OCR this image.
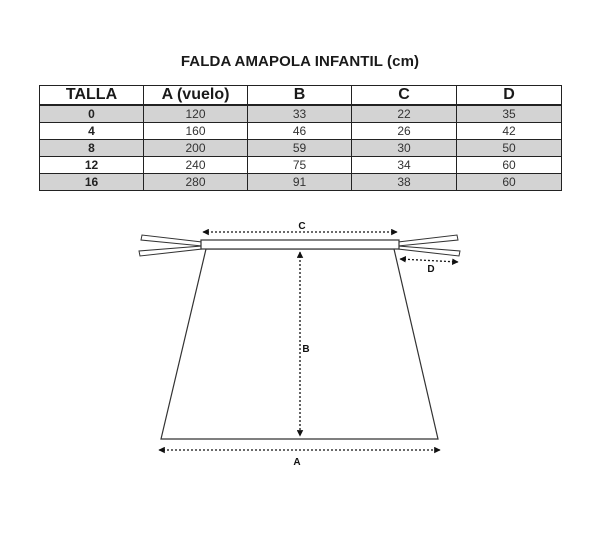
FALDA AMAPOLA INFANTIL (cm)
TALLA	A (vuelo)	B	C	D
0	120	33	22	35
4	160	46	26	42
8	200	59	30	50
12	240	75	34	60
16	280	91	38	60
C
D
B
A
